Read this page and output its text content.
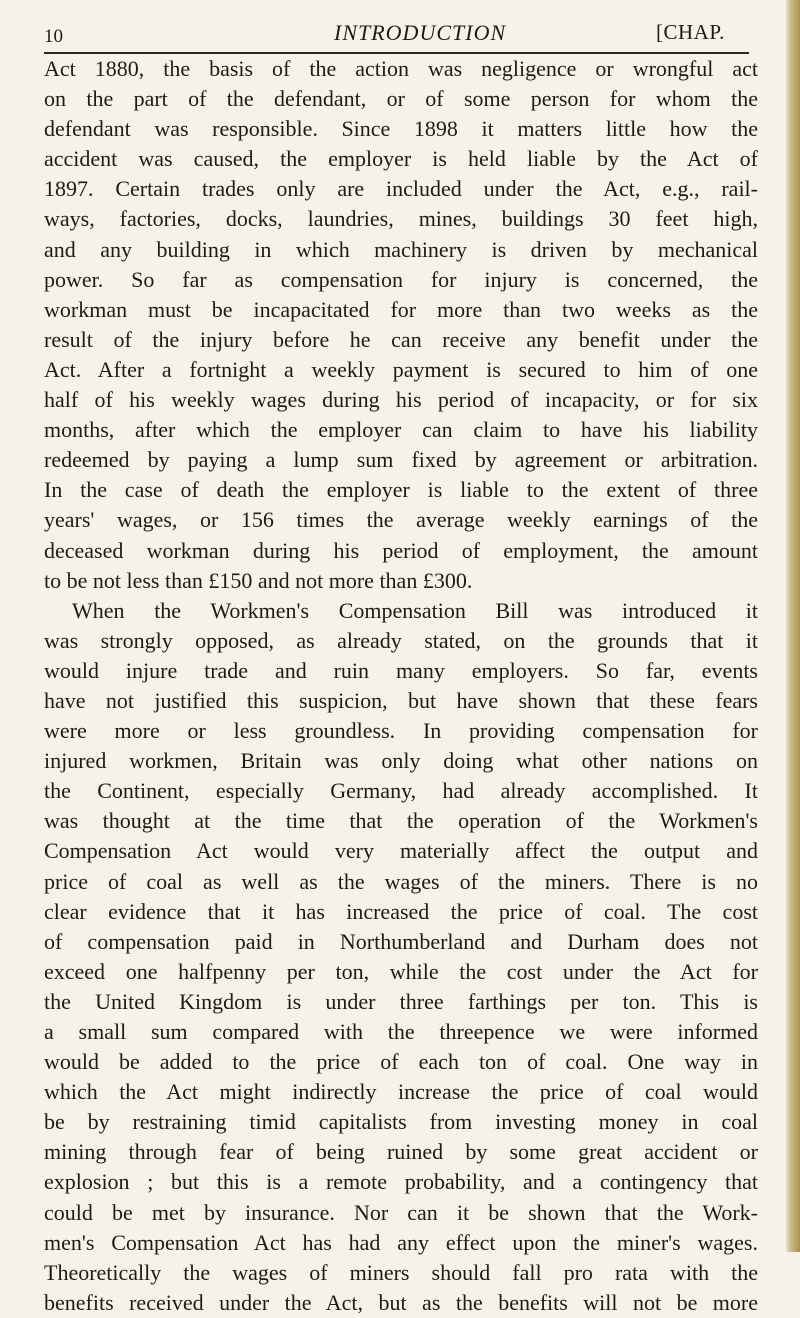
10	INTRODUCTION	[CHAP.
Act 1880, the basis of the action was negligence or wrongful act
on the part of the defendant, or of some person for whom the
defendant was responsible. Since 1898 it matters little how the
accident was caused, the employer is held liable by the Act of
1897. Certain trades only are included under the Act, e.g., rail-
ways, factories, docks, laundries, mines, buildings 30 feet high,
and any building in which machinery is driven by mechanical
power. So far as compensation for injury is concerned, the
workman must be incapacitated for more than two weeks as the
result of the injury before he can receive any benefit under the
Act. After a fortnight a weekly payment is secured to him of one
half of his weekly wages during his period of incapacity, or for six
months, after which the employer can claim to have his liability
redeemed by paying a lump sum fixed by agreement or arbitration.
In the case of death the employer is liable to the extent of three
years' wages, or 156 times the average weekly earnings of the
deceased workman during his period of employment, the amount
to be not less than £150 and not more than £300.
When the Workmen's Compensation Bill was introduced it
was strongly opposed, as already stated, on the grounds that it
would injure trade and ruin many employers. So far, events
have not justified this suspicion, but have shown that these fears
were more or less groundless. In providing compensation for
injured workmen, Britain was only doing what other nations on
the Continent, especially Germany, had already accomplished. It
was thought at the time that the operation of the Workmen's
Compensation Act would very materially affect the output and
price of coal as well as the wages of the miners. There is no
clear evidence that it has increased the price of coal. The cost
of compensation paid in Northumberland and Durham does not
exceed one halfpenny per ton, while the cost under the Act for
the United Kingdom is under three farthings per ton. This is
a small sum compared with the threepence we were informed
would be added to the price of each ton of coal. One way in
which the Act might indirectly increase the price of coal would
be by restraining timid capitalists from investing money in coal
mining through fear of being ruined by some great accident or
explosion ; but this is a remote probability, and a contingency that
could be met by insurance. Nor can it be shown that the Work-
men's Compensation Act has had any effect upon the miner's wages.
Theoretically the wages of miners should fall pro rata with the
benefits received under the Act, but as the benefits will not be more
